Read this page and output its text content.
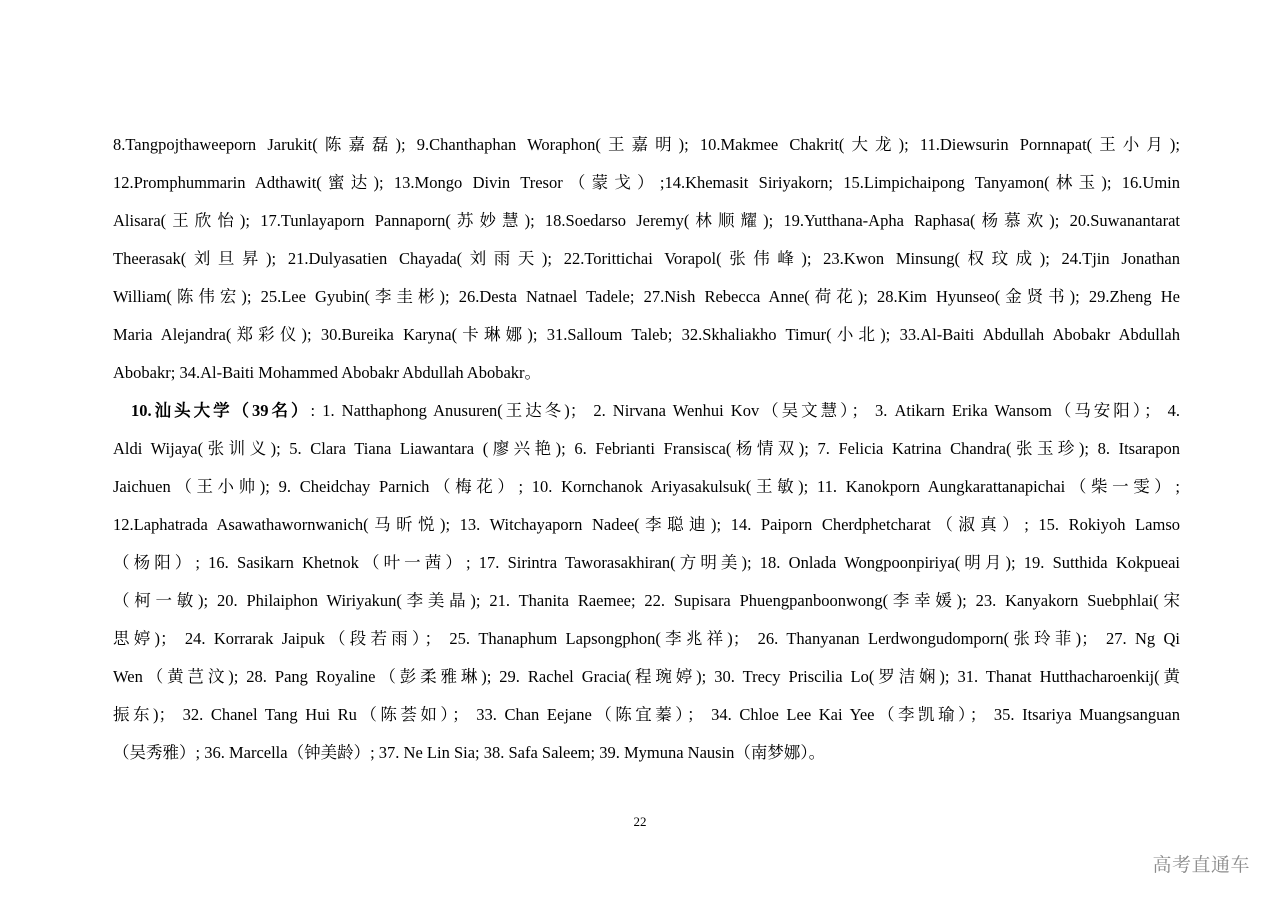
8.Tangpojthaweeporn Jarukit(陈嘉磊); 9.Chanthaphan Woraphon(王嘉明); 10.Makmee Chakrit(大龙); 11.Diewsurin Pornnapat(王小月);
12.Promphummarin Adthawit(蜜达); 13.Mongo Divin Tresor（蒙戈）;14.Khemasit Siriyakorn; 15.Limpichaipong Tanyamon(林玉); 16.Umin
Alisara(王欣怡); 17.Tunlayaporn Pannaporn(苏妙慧); 18.Soedarso Jeremy(林顺耀); 19.Yutthana-Apha Raphasa(杨慕欢); 20.Suwanantarat
Theerasak(刘旦昇); 21.Dulyasatien Chayada(刘雨天); 22.Torittichai Vorapol(张伟峰); 23.Kwon Minsung(权玟成); 24.Tjin Jonathan
William(陈伟宏); 25.Lee Gyubin(李圭彬); 26.Desta Natnael Tadele; 27.Nish Rebecca Anne(荷花); 28.Kim Hyunseo(金贤书); 29.Zheng He
Maria Alejandra(郑彩仪); 30.Bureika Karyna(卡琳娜); 31.Salloum Taleb; 32.Skhaliakho Timur(小北); 33.Al-Baiti Abdullah Abobakr Abdullah
Abobakr; 34.Al-Baiti Mohammed Abobakr Abdullah Abobakr。
10.汕头大学（39名）: 1. Natthaphong Anusuren(王达冬)； 2. Nirvana Wenhui Kov（吴文慧）； 3. Atikarn Erika Wansom（马安阳）； 4.
Aldi Wijaya(张训义); 5. Clara Tiana Liawantara (廖兴艳); 6. Febrianti Fransisca(杨情双); 7. Felicia Katrina Chandra(张玉珍); 8. Itsarapon
Jaichuen（王小帅); 9. Cheidchay Parnich（梅花）; 10. Kornchanok Ariyasakulsuk(王敏); 11. Kanokporn Aungkarattanapichai（柴一雯）;
12.Laphatrada Asawathawornwanich(马昕悦); 13. Witchayaporn Nadee(李聪迪); 14. Paiporn Cherdphetcharat（淑真）; 15. Rokiyoh Lamso
（杨阳）; 16. Sasikarn Khetnok（叶一茜）; 17. Sirintra Taworasakhiran(方明美); 18. Onlada Wongpoonpiriya(明月); 19. Sutthida Kokpueai
（柯一敏); 20. Philaiphon Wiriyakun(李美晶); 21. Thanita Raemee; 22. Supisara Phuengpanboonwong(李幸媛); 23. Kanyakorn Suebphlai(宋
思婷)； 24. Korrarak Jaipuk（段若雨）； 25. Thanaphum Lapsongphon(李兆祥)； 26. Thanyanan Lerdwongudomporn(张玲菲)； 27. Ng Qi
Wen（黄芑汶); 28. Pang Royaline（彭柔雅琳); 29. Rachel Gracia(程琬婷); 30. Trecy Priscilia Lo(罗洁娴); 31. Thanat Hutthacharoenkij(黄
振东)； 32. Chanel Tang Hui Ru（陈荟如）； 33. Chan Eejane（陈宜蓁）； 34. Chloe Lee Kai Yee（李凯瑜）； 35. Itsariya Muangsanguan
（吴秀雅）; 36. Marcella（钟美龄）; 37. Ne Lin Sia; 38. Safa Saleem; 39. Mymuna Nausin（南梦娜）。
22
高考直通车
